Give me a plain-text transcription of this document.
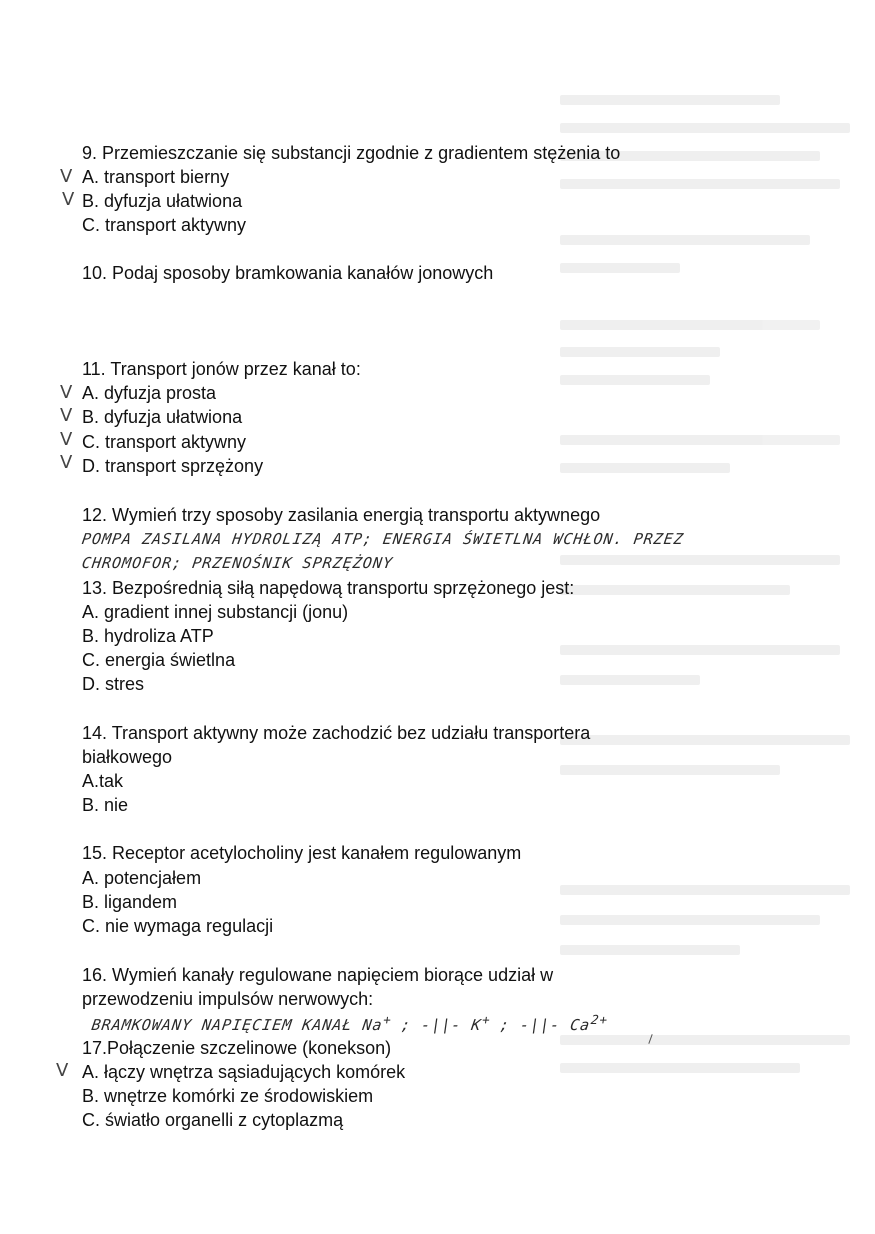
9. Przemieszczanie się substancji zgodnie z gradientem stężenia to
V A. transport bierny
V B. dyfuzja ułatwiona
C. transport aktywny
10. Podaj sposoby bramkowania kanałów jonowych
11. Transport jonów przez kanał to:
V A. dyfuzja prosta
V B. dyfuzja ułatwiona
V C. transport aktywny
V D. transport sprzężony
12. Wymień trzy sposoby zasilania energią transportu aktywnego
POMPA ZASILANA HYDROLIZĄ ATP; ENERGIA ŚWIETLNA WCHŁON. PRZEZ
CHROMOFOR; PRZENOŚNIK SPRZĘŻONY
13. Bezpośrednią siłą napędową transportu sprzężonego jest:
A. gradient innej substancji (jonu)
B. hydroliza ATP
C. energia świetlna
D. stres
14. Transport aktywny może zachodzić bez udziału transportera
białkowego
A.tak
B. nie
15. Receptor acetylocholiny jest kanałem regulowanym
A. potencjałem
B. ligandem
C. nie wymaga regulacji
16. Wymień kanały regulowane napięciem biorące udział w
przewodzeniu impulsów nerwowych:
BRAMKOWANY NAPIĘCIEM KANAŁ Na+ ; -||- K+ ; -||- $Ca^{2+}$
17.Połączenie szczelinowe (konekson)
V A. łączy wnętrza sąsiadujących komórek
B. wnętrze komórki ze środowiskiem
C. światło organelli z cytoplazmą
